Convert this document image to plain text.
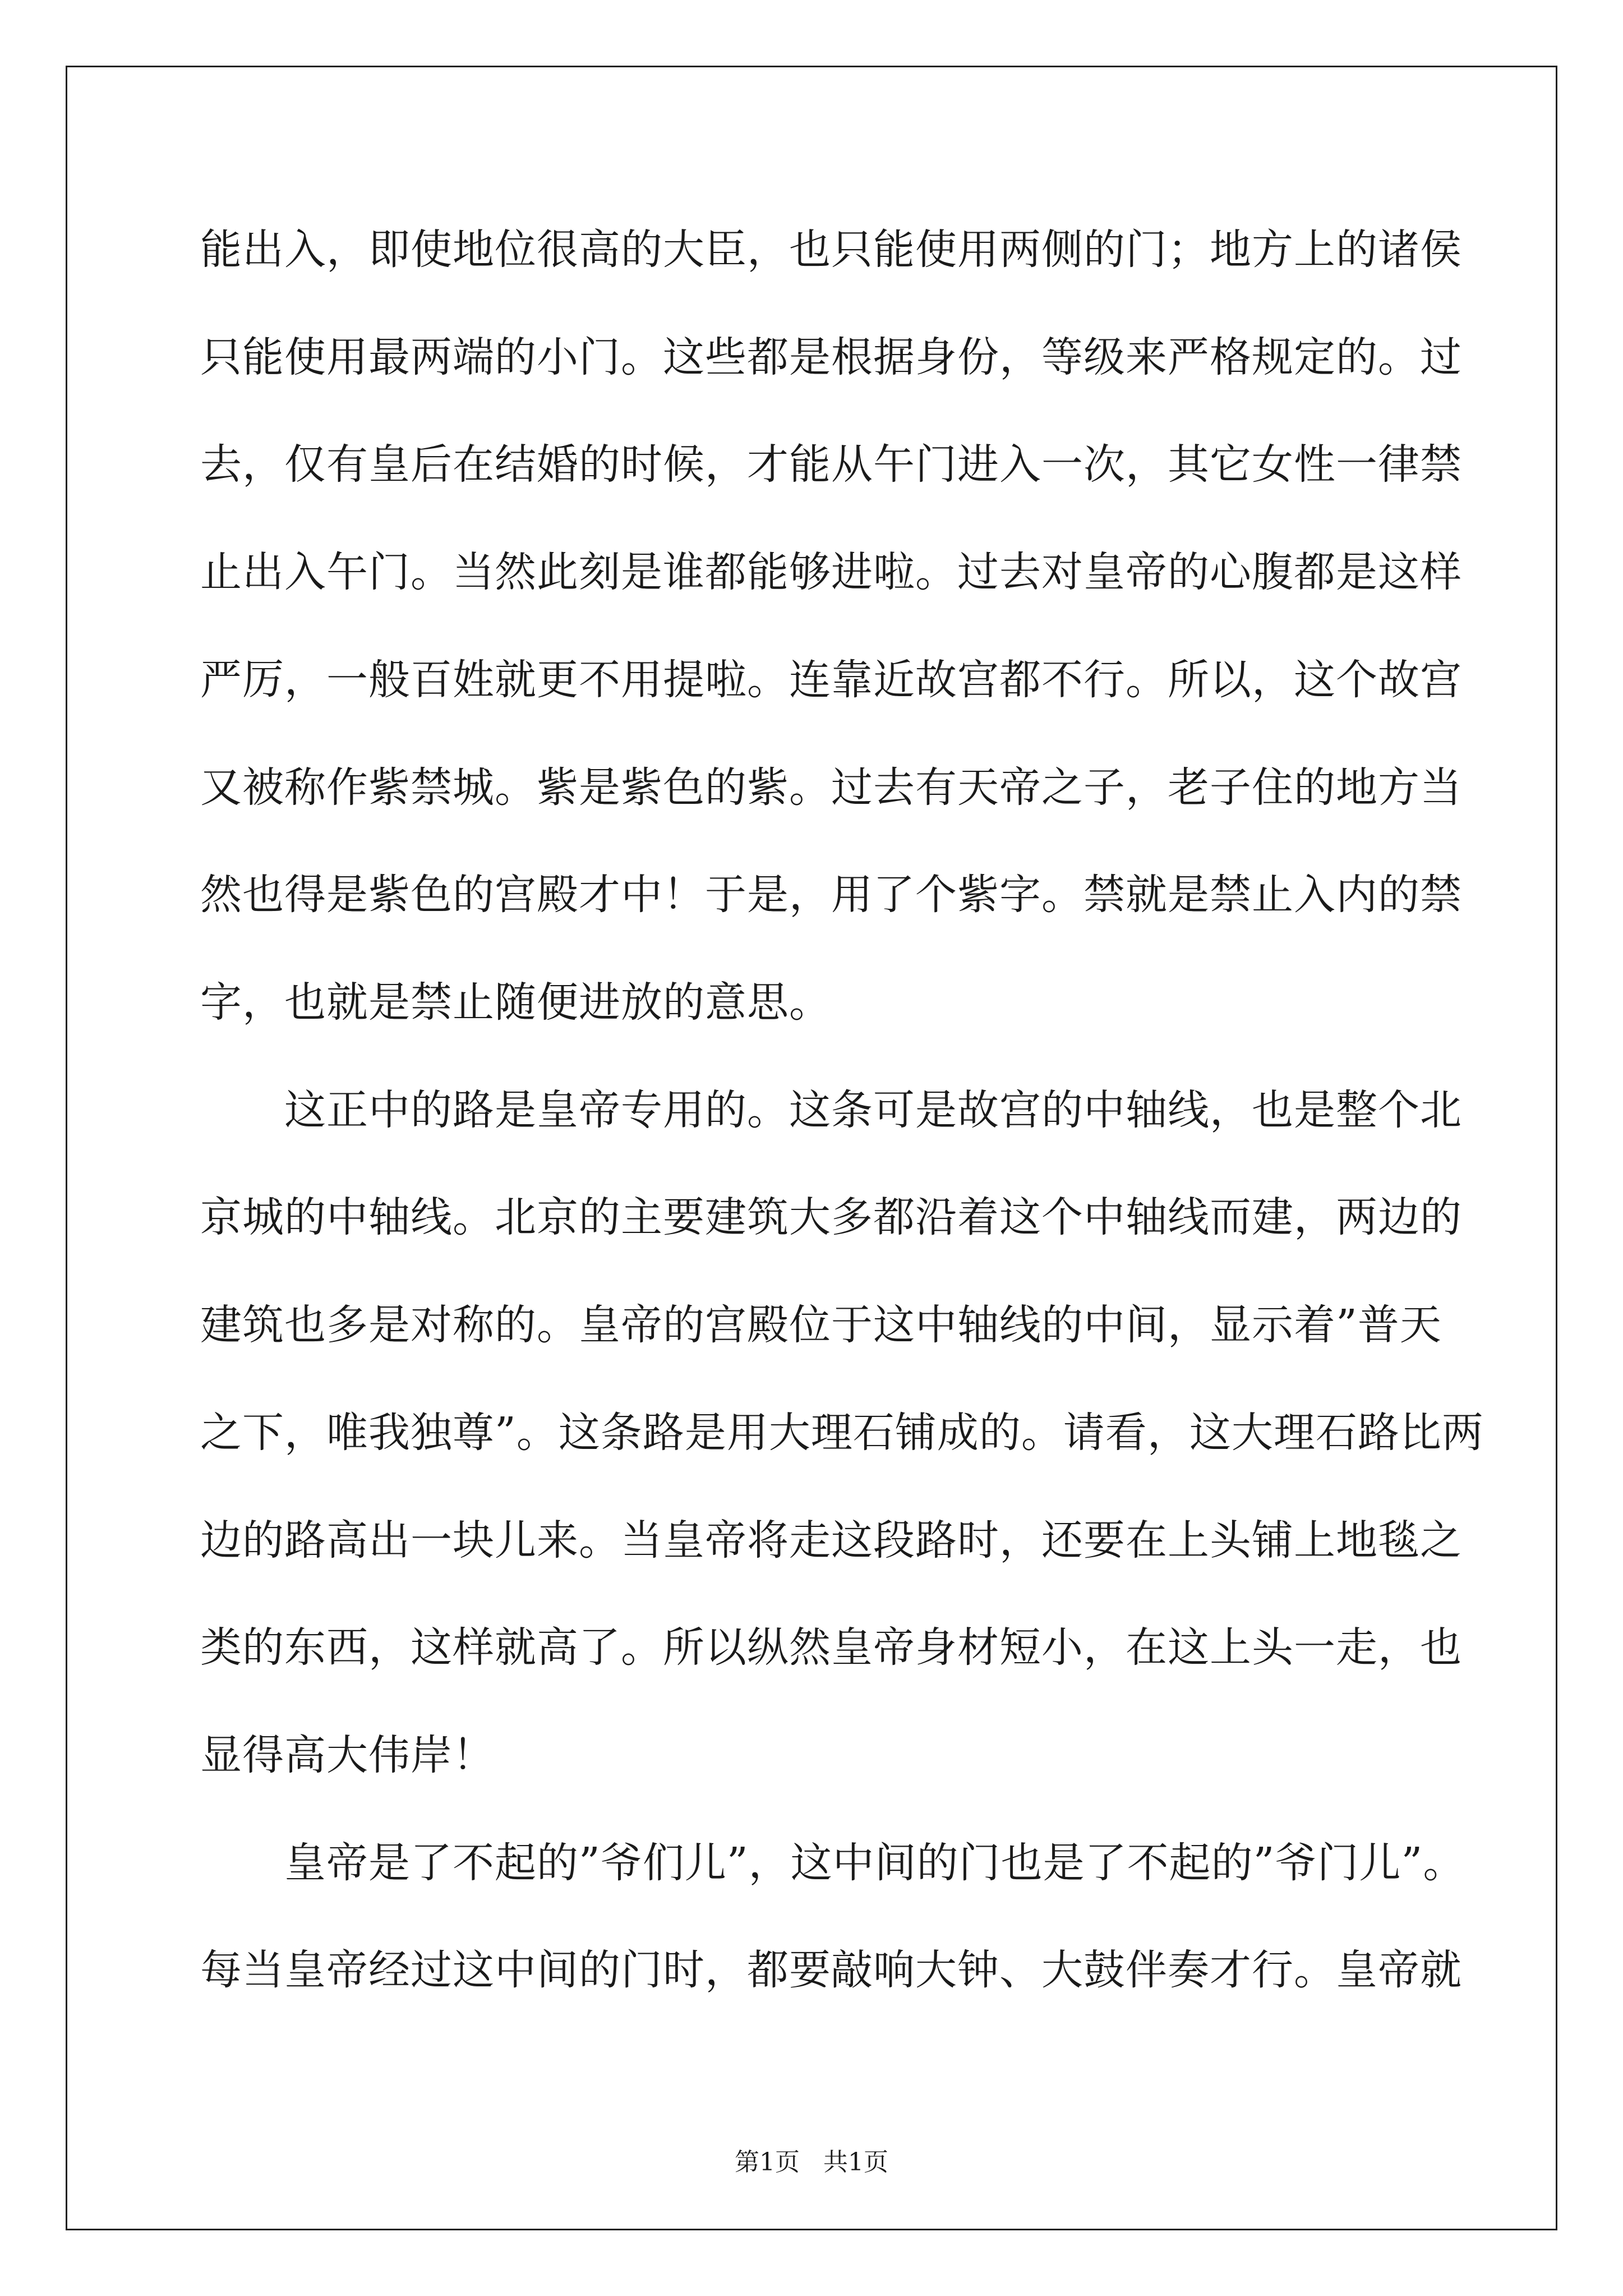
能出入，即使地位很高的大臣，也只能使用两侧的门；地方上的诸侯
只能使用最两端的小门。这些都是根据身份，等级来严格规定的。过
去，仅有皇后在结婚的时候，才能从午门进入一次，其它女性一律禁
止出入午门。当然此刻是谁都能够进啦。过去对皇帝的心腹都是这样
严厉，一般百姓就更不用提啦。连靠近故宫都不行。所以，这个故宫
又被称作紫禁城。紫是紫色的紫。过去有天帝之子，老子住的地方当
然也得是紫色的宫殿才中！于是，用了个紫字。禁就是禁止入内的禁
字，也就是禁止随便进放的意思。
　　这正中的路是皇帝专用的。这条可是故宫的中轴线，也是整个北
京城的中轴线。北京的主要建筑大多都沿着这个中轴线而建，两边的
建筑也多是对称的。皇帝的宫殿位于这中轴线的中间，显示着”普天
之下，唯我独尊”。这条路是用大理石铺成的。请看，这大理石路比两
边的路高出一块儿来。当皇帝将走这段路时，还要在上头铺上地毯之
类的东西，这样就高了。所以纵然皇帝身材短小，在这上头一走，也
显得高大伟岸！
　　皇帝是了不起的”爷们儿”，这中间的门也是了不起的”爷门儿”。
每当皇帝经过这中间的门时，都要敲响大钟、大鼓伴奏才行。皇帝就
第1页 共1页
